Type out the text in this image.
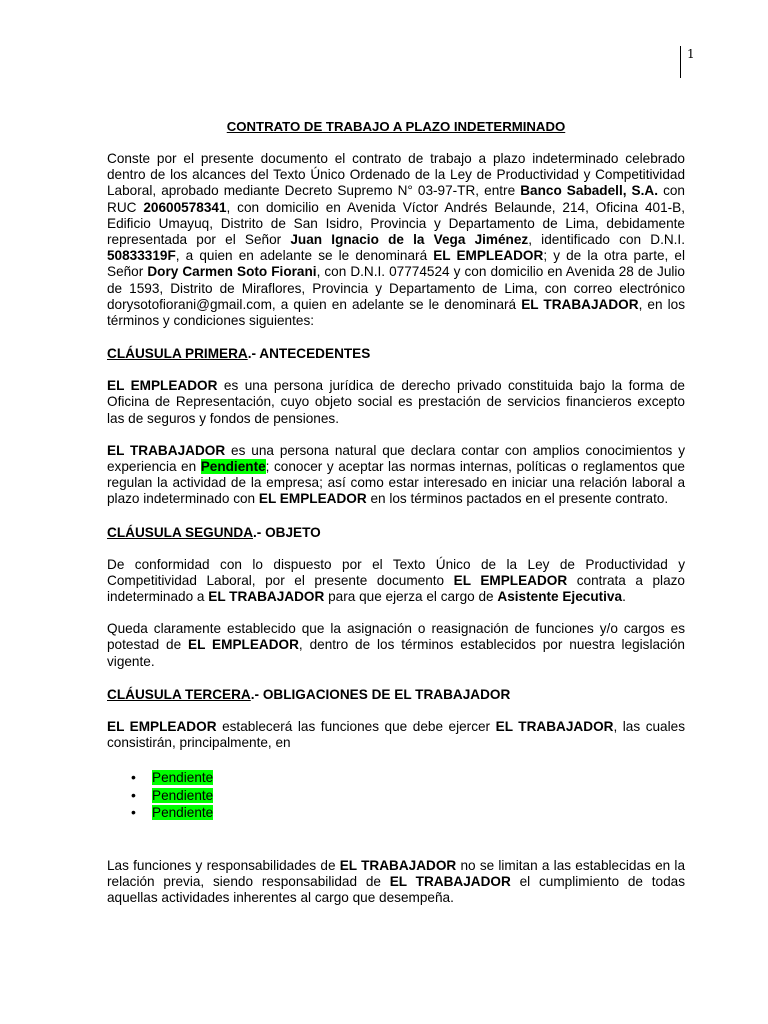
1
CONTRATO DE TRABAJO A PLAZO INDETERMINADO

Conste por el presente documento el contrato de trabajo a plazo indeterminado celebrado dentro de los alcances del Texto Único Ordenado de la Ley de Productividad y Competitividad Laboral, aprobado mediante Decreto Supremo N° 03-97-TR, entre Banco Sabadell, S.A. con RUC 20600578341, con domicilio en Avenida Víctor Andrés Belaunde, 214, Oficina 401-B, Edificio Umayuq, Distrito de San Isidro, Provincia y Departamento de Lima, debidamente representada por el Señor Juan Ignacio de la Vega Jiménez, identificado con D.N.I. 50833319F, a quien en adelante se le denominará EL EMPLEADOR; y de la otra parte, el Señor Dory Carmen Soto Fiorani, con D.N.I. 07774524 y con domicilio en Avenida 28 de Julio de 1593, Distrito de Miraflores, Provincia y Departamento de Lima, con correo electrónico dorysotofiorani@gmail.com, a quien en adelante se le denominará EL TRABAJADOR, en los términos y condiciones siguientes:

CLÁUSULA PRIMERA.- ANTECEDENTES

EL EMPLEADOR es una persona jurídica de derecho privado constituida bajo la forma de Oficina de Representación, cuyo objeto social es prestación de servicios financieros excepto las de seguros y fondos de pensiones.

EL TRABAJADOR es una persona natural que declara contar con amplios conocimientos y experiencia en Pendiente; conocer y aceptar las normas internas, políticas o reglamentos que regulan la actividad de la empresa; así como estar interesado en iniciar una relación laboral a plazo indeterminado con EL EMPLEADOR en los términos pactados en el presente contrato.

CLÁUSULA SEGUNDA.- OBJETO

De conformidad con lo dispuesto por el Texto Único de la Ley de Productividad y Competitividad Laboral, por el presente documento EL EMPLEADOR contrata a plazo indeterminado a EL TRABAJADOR para que ejerza el cargo de Asistente Ejecutiva.

Queda claramente establecido que la asignación o reasignación de funciones y/o cargos es potestad de EL EMPLEADOR, dentro de los términos establecidos por nuestra legislación vigente.

CLÁUSULA TERCERA.- OBLIGACIONES DE EL TRABAJADOR

EL EMPLEADOR establecerá las funciones que debe ejercer EL TRABAJADOR, las cuales consistirán, principalmente, en

• Pendiente
• Pendiente
• Pendiente

Las funciones y responsabilidades de EL TRABAJADOR no se limitan a las establecidas en la relación previa, siendo responsabilidad de EL TRABAJADOR el cumplimiento de todas aquellas actividades inherentes al cargo que desempeña.
